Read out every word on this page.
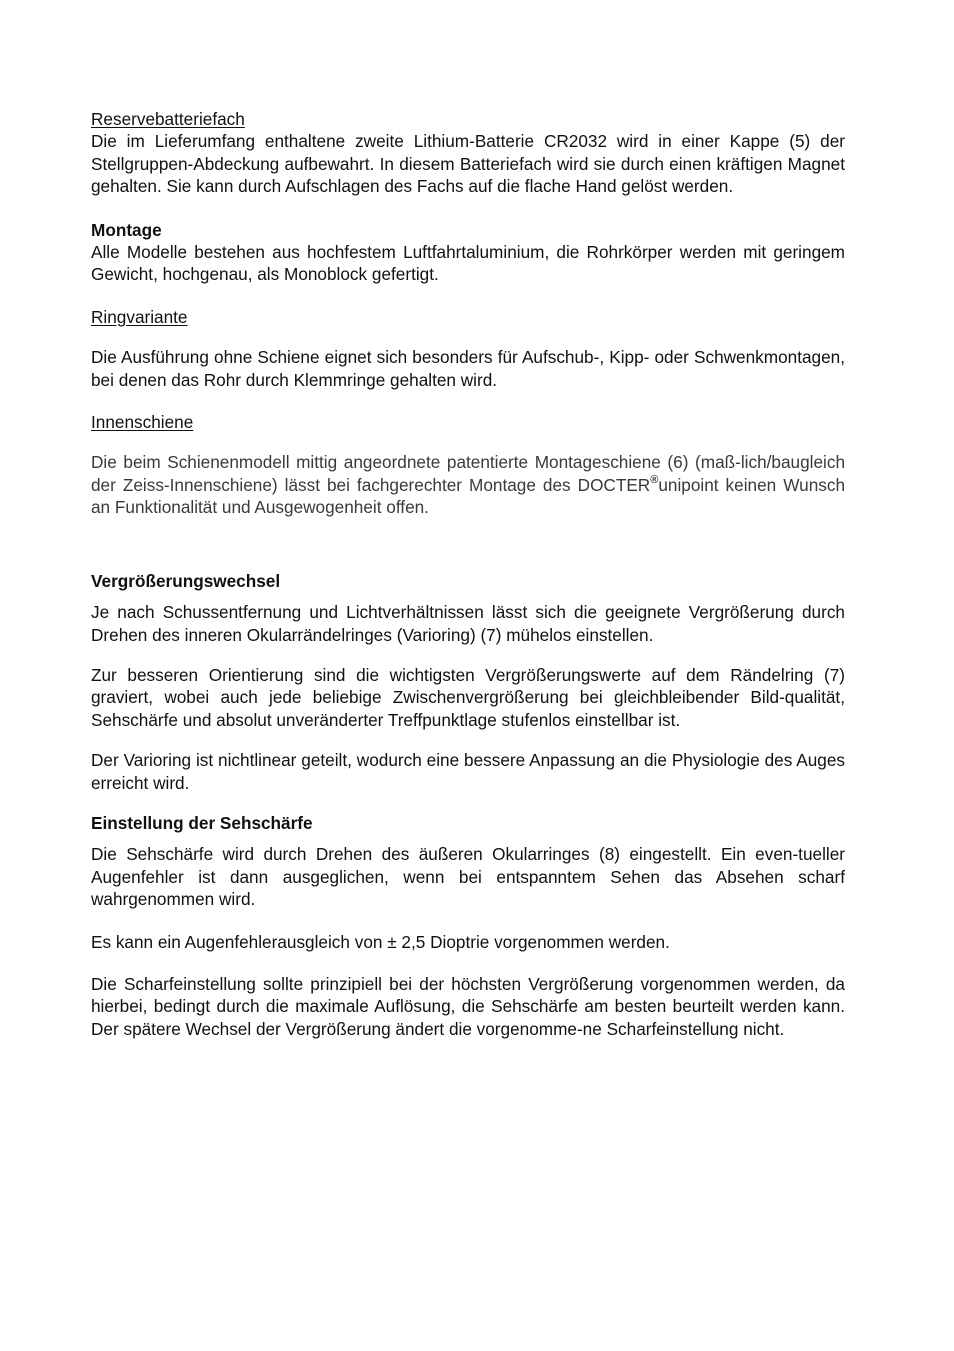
Reservebatteriefach

Die im Lieferumfang enthaltene zweite Lithium-Batterie CR2032 wird in einer Kappe (5) der Stellgruppen-Abdeckung aufbewahrt. In diesem Batteriefach wird sie durch einen kräftigen Magnet gehalten. Sie kann durch Aufschlagen des Fachs auf die flache Hand gelöst werden.

Montage

Alle Modelle bestehen aus hochfestem Luftfahrtaluminium, die Rohrkörper werden mit geringem Gewicht, hochgenau, als Monoblock gefertigt.

Ringvariante

Die Ausführung ohne Schiene eignet sich besonders für Aufschub-, Kipp- oder Schwenkmontagen, bei denen das Rohr durch Klemmringe gehalten wird.

Innenschiene

Die beim Schienenmodell mittig angeordnete patentierte Montageschiene (6) (maß-lich/baugleich der Zeiss-Innenschiene) lässt bei fachgerechter Montage des DOCTER®unipoint keinen Wunsch an Funktionalität und Ausgewogenheit offen.

Vergrößerungswechsel

Je nach Schussentfernung und Lichtverhältnissen lässt sich die geeignete Vergrößerung durch Drehen des inneren Okularrändelringes (Varioring) (7) mühelos einstellen.

Zur besseren Orientierung sind die wichtigsten Vergrößerungswerte auf dem Rändelring (7) graviert, wobei auch jede beliebige Zwischenvergrößerung bei gleichbleibender Bild-qualität, Sehschärfe und absolut unveränderter Treffpunktlage stufenlos einstellbar ist.

Der Varioring ist nichtlinear geteilt, wodurch eine bessere Anpassung an die Physiologie des Auges erreicht wird.

Einstellung der Sehschärfe

Die Sehschärfe wird durch Drehen des äußeren Okularringes (8) eingestellt. Ein even-tueller Augenfehler ist dann ausgeglichen, wenn bei entspanntem Sehen das Absehen scharf wahrgenommen wird.

Es kann ein Augenfehlerausgleich von ± 2,5 Dioptrie vorgenommen werden.

Die Scharfeinstellung sollte prinzipiell bei der höchsten Vergrößerung vorgenommen werden, da hierbei, bedingt durch die maximale Auflösung, die Sehschärfe am besten beurteilt werden kann. Der spätere Wechsel der Vergrößerung ändert die vorgenomme-ne Scharfeinstellung nicht.
